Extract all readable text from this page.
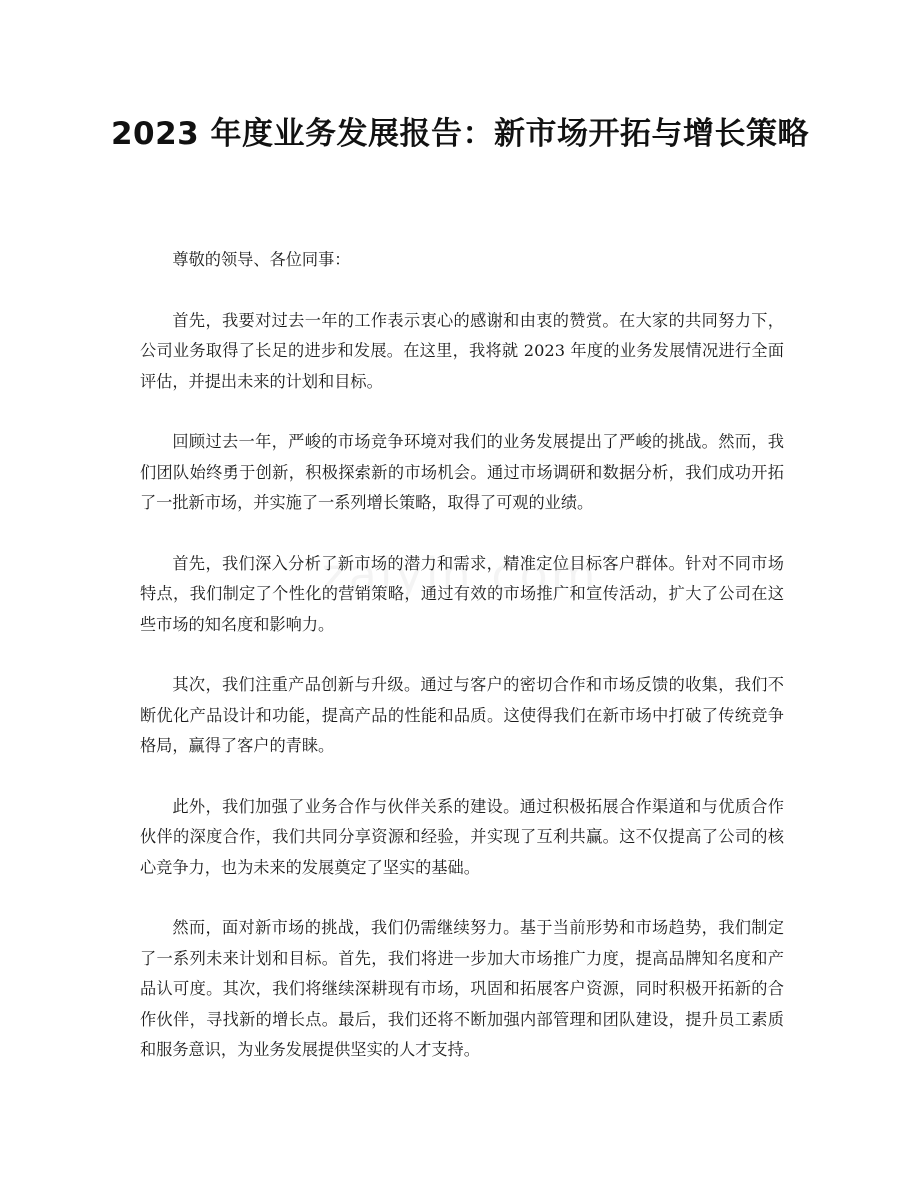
2023 年度业务发展报告：新市场开拓与增长策略

尊敬的领导、各位同事：

首先，我要对过去一年的工作表示衷心的感谢和由衷的赞赏。在大家的共同努力下，公司业务取得了长足的进步和发展。在这里，我将就 2023 年度的业务发展情况进行全面评估，并提出未来的计划和目标。

回顾过去一年，严峻的市场竞争环境对我们的业务发展提出了严峻的挑战。然而，我们团队始终勇于创新，积极探索新的市场机会。通过市场调研和数据分析，我们成功开拓了一批新市场，并实施了一系列增长策略，取得了可观的业绩。

首先，我们深入分析了新市场的潜力和需求，精准定位目标客户群体。针对不同市场特点，我们制定了个性化的营销策略，通过有效的市场推广和宣传活动，扩大了公司在这些市场的知名度和影响力。

其次，我们注重产品创新与升级。通过与客户的密切合作和市场反馈的收集，我们不断优化产品设计和功能，提高产品的性能和品质。这使得我们在新市场中打破了传统竞争格局，赢得了客户的青睐。

此外，我们加强了业务合作与伙伴关系的建设。通过积极拓展合作渠道和与优质合作伙伴的深度合作，我们共同分享资源和经验，并实现了互利共赢。这不仅提高了公司的核心竞争力，也为未来的发展奠定了坚实的基础。

然而，面对新市场的挑战，我们仍需继续努力。基于当前形势和市场趋势，我们制定了一系列未来计划和目标。首先，我们将进一步加大市场推广力度，提高品牌知名度和产品认可度。其次，我们将继续深耕现有市场，巩固和拓展客户资源，同时积极开拓新的合作伙伴，寻找新的增长点。最后，我们还将不断加强内部管理和团队建设，提升员工素质和服务意识，为业务发展提供坚实的人才支持。
